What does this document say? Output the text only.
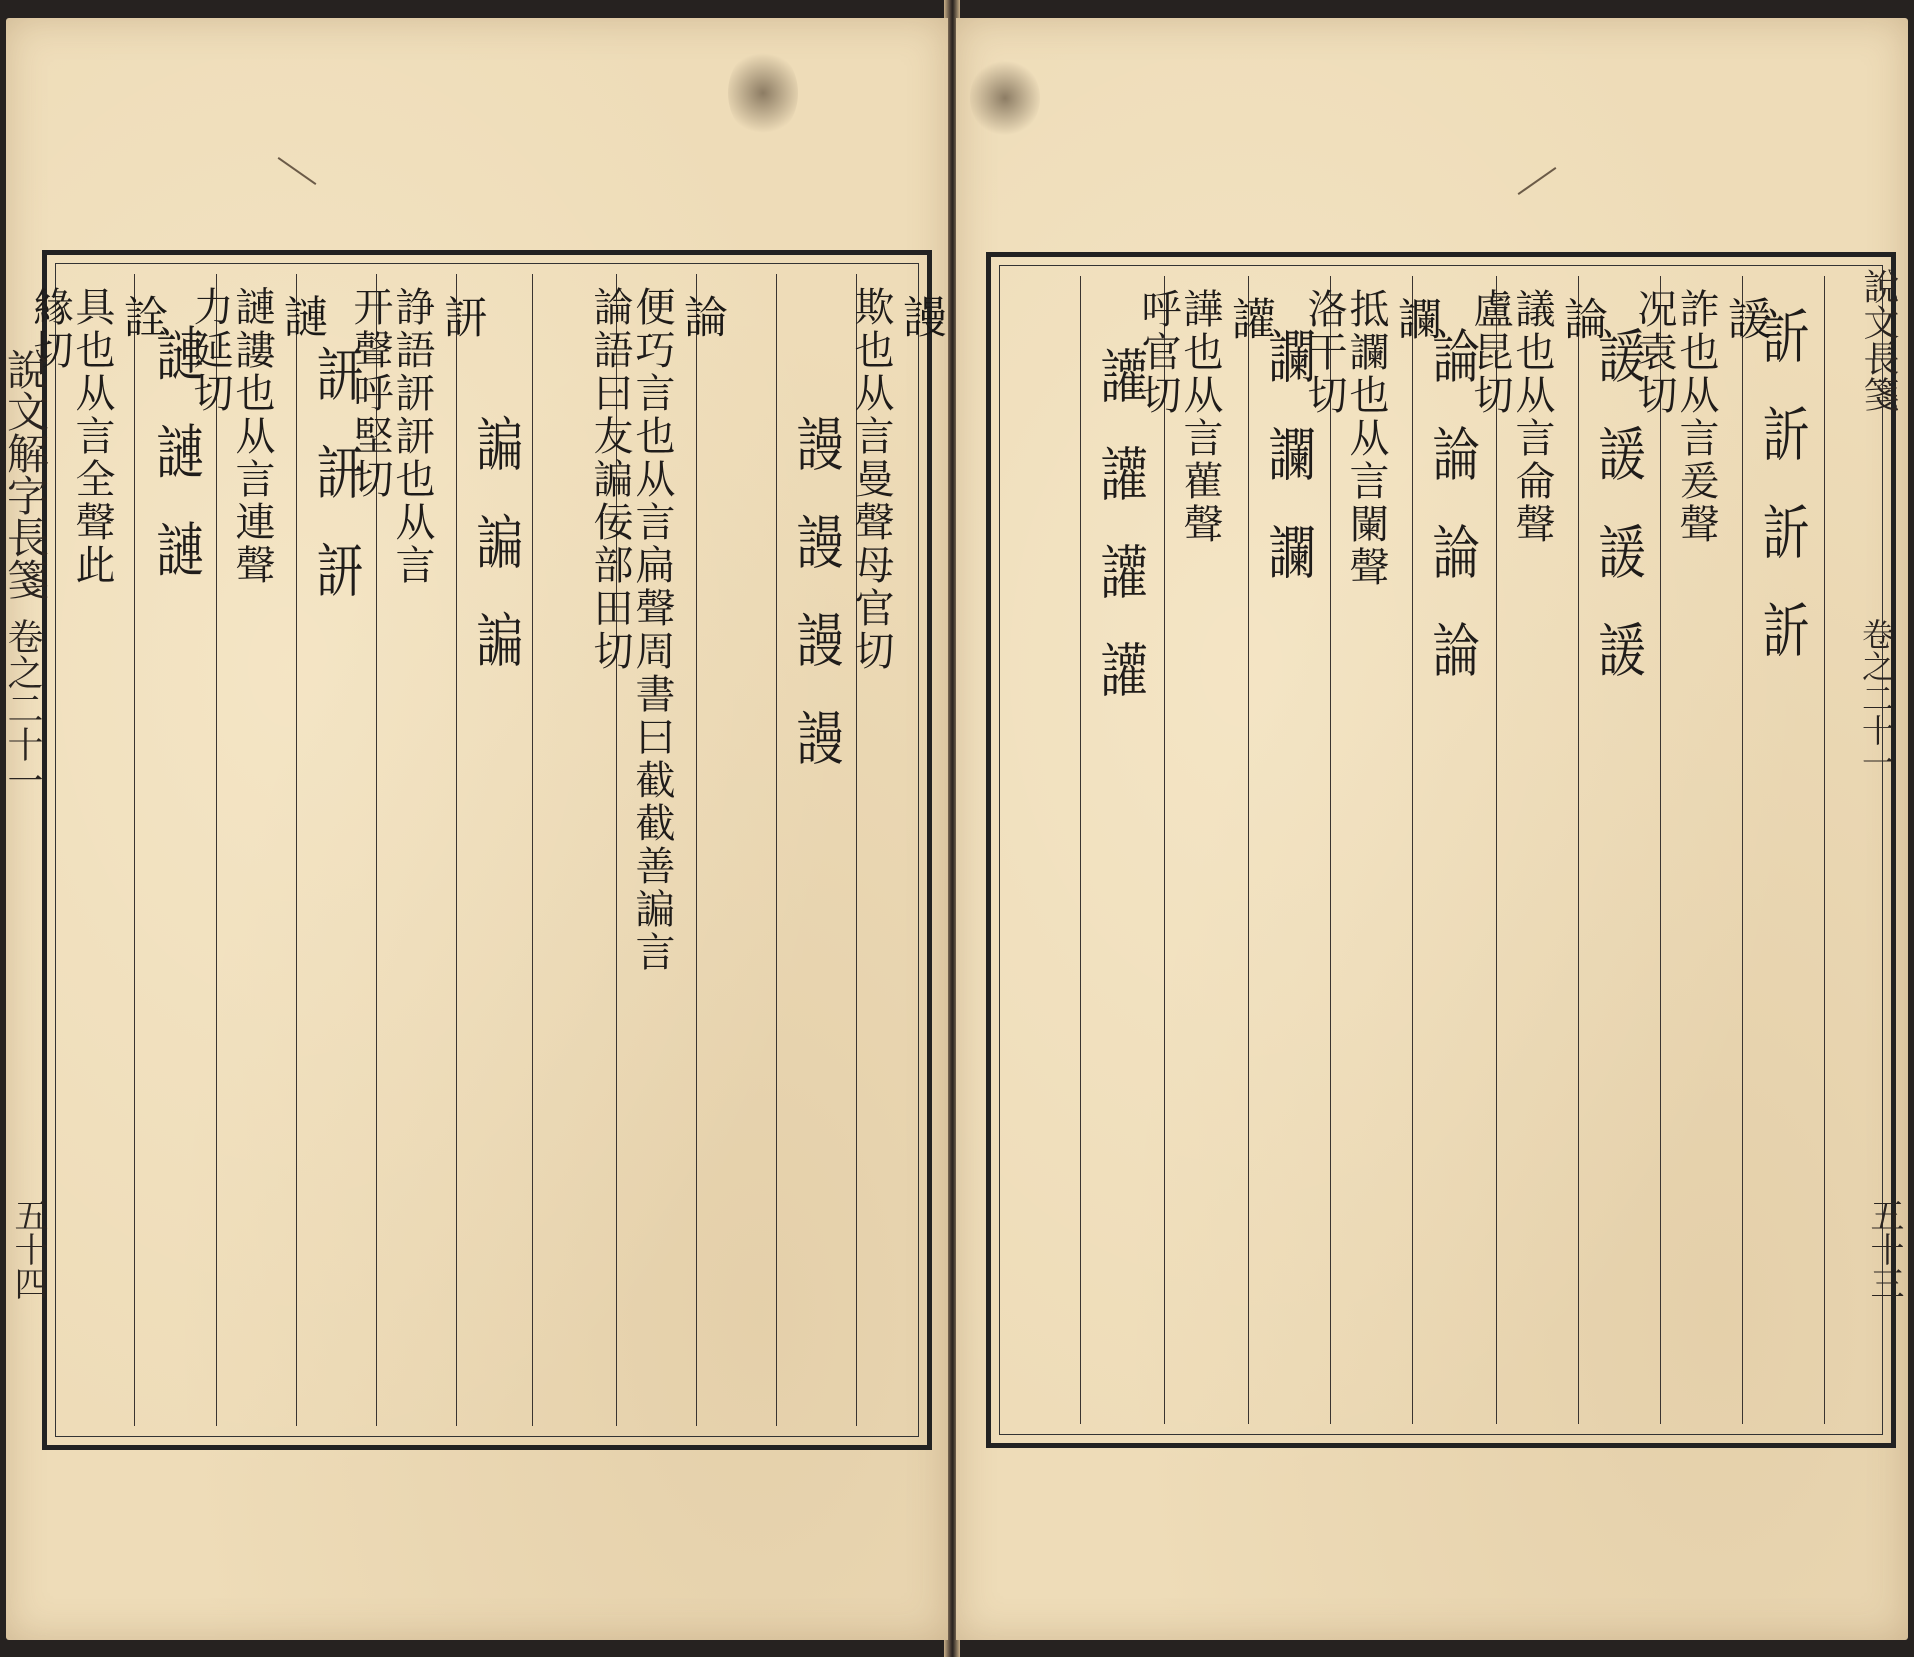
謾
欺也从言曼聲母官切
謾謾謾謾
論
便巧言也从言扁聲周書曰截截善諞言論語曰友諞佞部田切
諞諞諞
訮
諍語訮訮也从言开聲呼堅切
訮訮訮
謰
謰謱也从言連聲力延切
謰謰謰
詮
具也从言全聲此緣切
說文解字長箋
卷之二十一
五十四
訢訢訢訢
諼
詐也从言爰聲况袁切
諼諼諼諼
論
議也从言侖聲盧昆切
論論論論
讕
抵讕也从言闌聲洛干切
讕讕讕
讙
譁也从言雚聲呼官切
讙讙讙讙
說文長箋
卷之二十一
五十三
